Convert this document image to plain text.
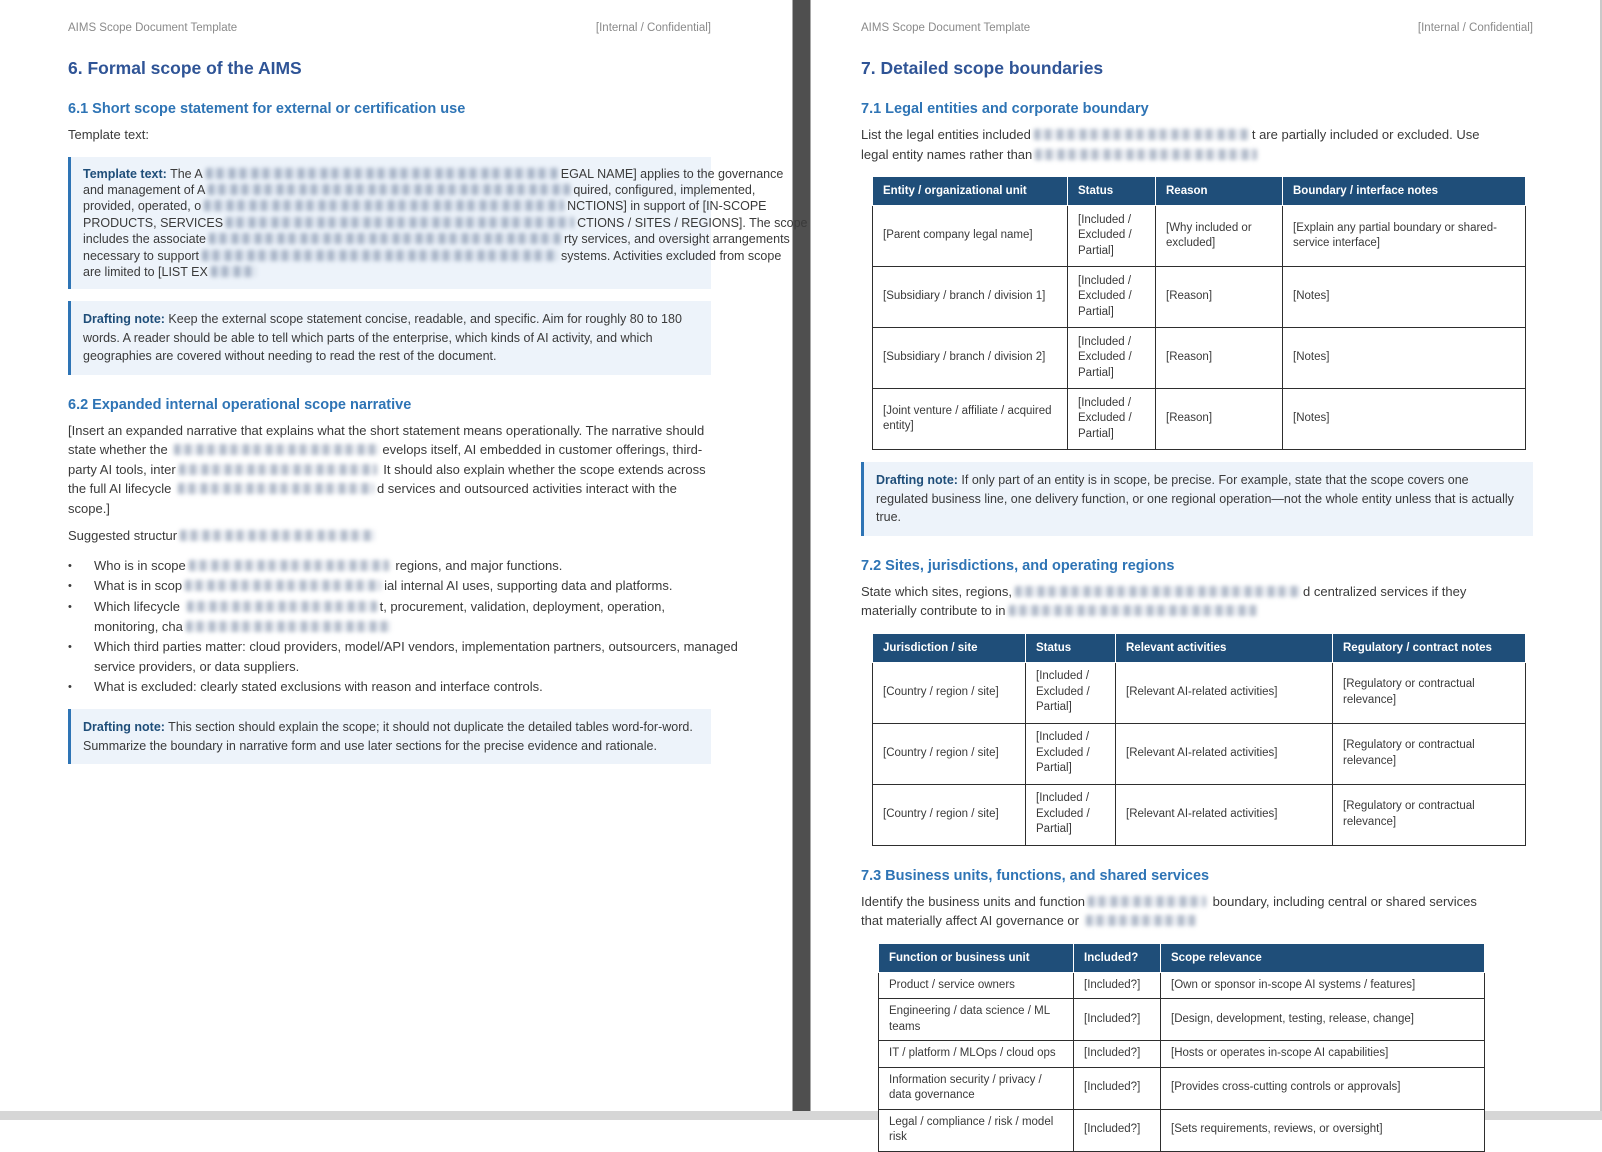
AIMS Scope Document Template	[Internal / Confidential]
6. Formal scope of the AIMS
6.1 Short scope statement for external or certification use

Template text:

Template text: The A	EGAL NAME] applies to the governance
and management of A	quired, configured, implemented,
provided, operated, o	NCTIONS] in support of [IN-SCOPE
PRODUCTS, SERVICES	CTIONS / SITES / REGIONS]. The scope
includes the associate	rty services, and oversight arrangements
necessary to support	systems. Activities excluded from scope
are limited to [LIST EX
Drafting note: Keep the external scope statement concise, readable, and specific. Aim for roughly 80 to 180 words. A reader should be able to tell which parts of the enterprise, which kinds of AI activity, and which geographies are covered without needing to read the rest of the document.
6.2 Expanded internal operational scope narrative
[Insert an expanded narrative that explains what the short statement means operationally. The narrative should
state whether the	evelops itself, AI embedded in customer offerings, third-
party AI tools, inter	It should also explain whether the scope extends across
the full AI lifecycle	d services and outsourced activities interact with the
scope.]
Suggested structur
• Who is in scope	regions, and major functions.
• What is in scop	ial internal AI uses, supporting data and platforms.
• Which lifecycle	t, procurement, validation, deployment, operation,
monitoring, cha
• Which third parties matter: cloud providers, model/API vendors, implementation partners, outsourcers, managed
service providers, or data suppliers.
• What is excluded: clearly stated exclusions with reason and interface controls.
Drafting note: This section should explain the scope; it should not duplicate the detailed tables word-for-word. Summarize the boundary in narrative form and use later sections for the precise evidence and rationale.
AIMS Scope Document Template	[Internal / Confidential]
7. Detailed scope boundaries
7.1 Legal entities and corporate boundary
List the legal entities included	t are partially included or excluded. Use
legal entity names rather than
Entity / organizational unit	Status	Reason	Boundary / interface notes
[Parent company legal name]	[Included / Excluded / Partial]	[Why included or excluded]	[Explain any partial boundary or shared-service interface]
[Subsidiary / branch / division 1]	[Included / Excluded / Partial]	[Reason]	[Notes]
[Subsidiary / branch / division 2]	[Included / Excluded / Partial]	[Reason]	[Notes]
[Joint venture / affiliate / acquired entity]	[Included / Excluded / Partial]	[Reason]	[Notes]
Drafting note: If only part of an entity is in scope, be precise. For example, state that the scope covers one regulated business line, one delivery function, or one regional operation—not the whole entity unless that is actually true.
7.2 Sites, jurisdictions, and operating regions
State which sites, regions,	d centralized services if they
materially contribute to in
Jurisdiction / site	Status	Relevant activities	Regulatory / contract notes
[Country / region / site]	[Included / Excluded / Partial]	[Relevant AI-related activities]	[Regulatory or contractual relevance]
[Country / region / site]	[Included / Excluded / Partial]	[Relevant AI-related activities]	[Regulatory or contractual relevance]
[Country / region / site]	[Included / Excluded / Partial]	[Relevant AI-related activities]	[Regulatory or contractual relevance]
7.3 Business units, functions, and shared services
Identify the business units and function	boundary, including central or shared services
that materially affect AI governance or
Function or business unit	Included?	Scope relevance
Product / service owners	[Included?]	[Own or sponsor in-scope AI systems / features]
Engineering / data science / ML teams	[Included?]	[Design, development, testing, release, change]
IT / platform / MLOps / cloud ops	[Included?]	[Hosts or operates in-scope AI capabilities]
Information security / privacy / data governance	[Included?]	[Provides cross-cutting controls or approvals]
Legal / compliance / risk / model risk	[Included?]	[Sets requirements, reviews, or oversight]
